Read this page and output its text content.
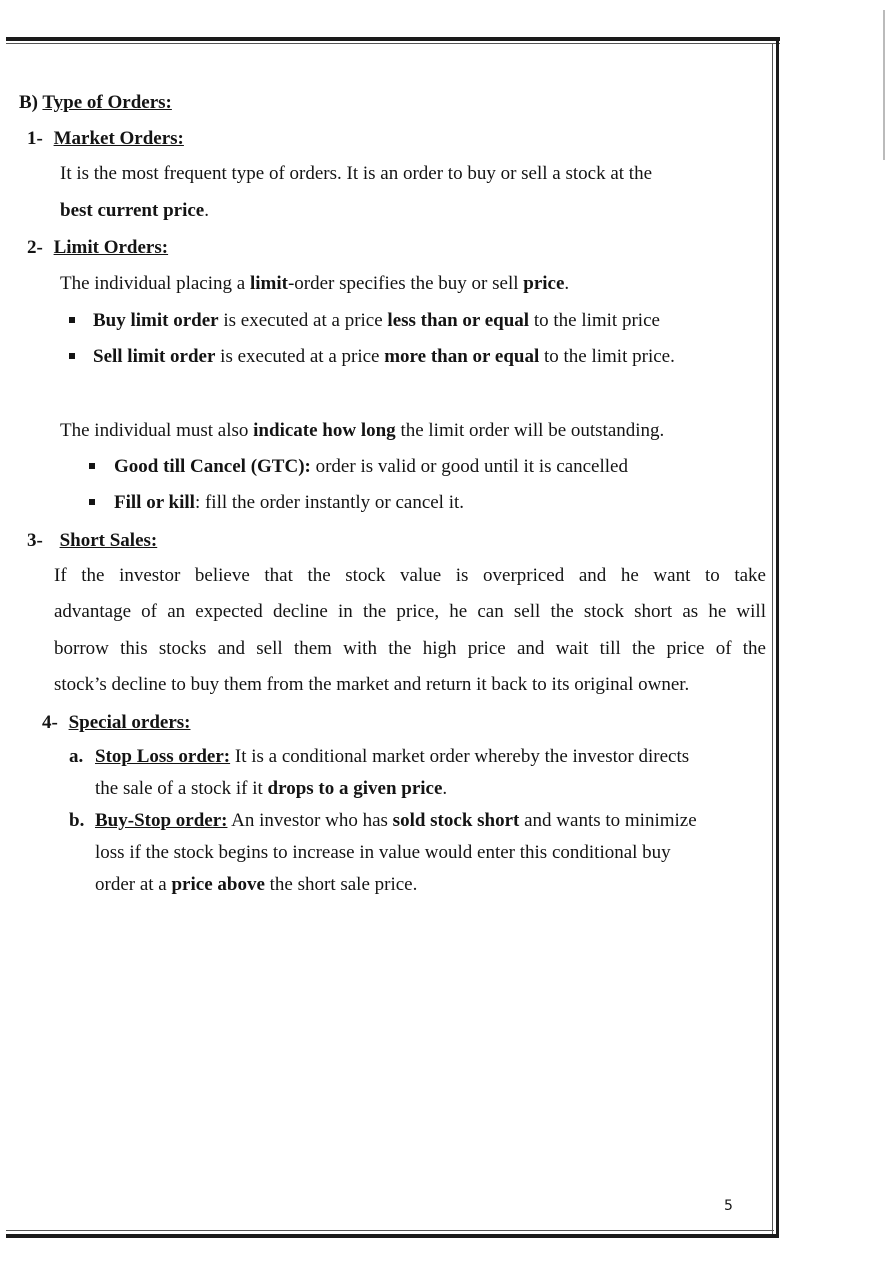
B) Type of Orders:
1- Market Orders:
It is the most frequent type of orders. It is an order to buy or sell a stock at the
best current price.
2- Limit Orders:
The individual placing a limit-order specifies the buy or sell price.
Buy limit order is executed at a price less than or equal to the limit price
Sell limit order is executed at a price more than or equal to the limit price.
The individual must also indicate how long the limit order will be outstanding.
Good till Cancel (GTC): order is valid or good until it is cancelled
Fill or kill: fill the order instantly or cancel it.
3- Short Sales:
If the investor believe that the stock value is overpriced and he want to take
advantage of an expected decline in the price, he can sell the stock short as he will
borrow this stocks and sell them with the high price and wait till the price of the
stock’s decline to buy them from the market and return it back to its original owner.
4- Special orders:
a. Stop Loss order: It is a conditional market order whereby the investor directs
the sale of a stock if it drops to a given price.
b. Buy-Stop order: An investor who has sold stock short and wants to minimize
loss if the stock begins to increase in value would enter this conditional buy
order at a price above the short sale price.
5
